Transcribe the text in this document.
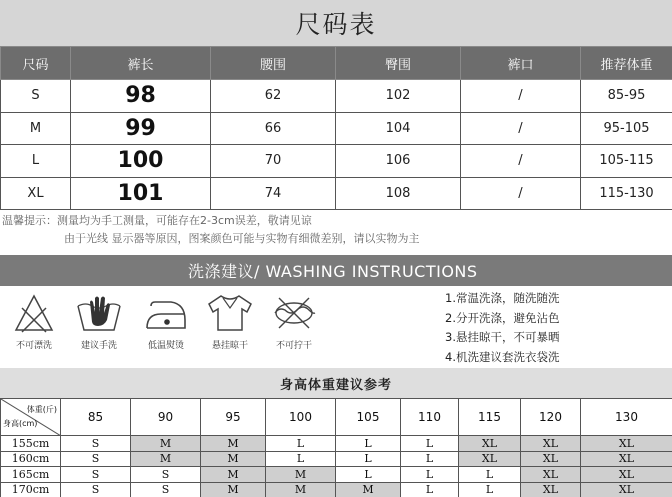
尺码表
尺码	裤长	腰围	臀围	裤口	推荐体重
S	98	62	102	/	85-95
M	99	66	104	/	95-105
L	100	70	106	/	105-115
XL	101	74	108	/	115-130
温馨提示：测量均为手工测量，可能存在2-3cm误差，敬请见谅
由于光线 显示器等原因，图案颜色可能与实物有细微差别，请以实物为主
洗涤建议/ WASHING INSTRUCTIONS
不可漂洗	建议手洗	低温熨烫	悬挂晾干	不可拧干
1.常温洗涤，随洗随洗
2.分开洗涤，避免沾色
3.悬挂晾干，不可暴晒
4.机洗建议套洗衣袋洗
身高体重建议参考
体重(斤)
身高(cm)	85	90	95	100	105	110	115	120	130
155cm	S	M	M	L	L	L	XL	XL	XL
160cm	S	M	M	L	L	L	XL	XL	XL
165cm	S	S	M	M	L	L	L	XL	XL
170cm	S	S	M	M	M	L	L	XL	XL
